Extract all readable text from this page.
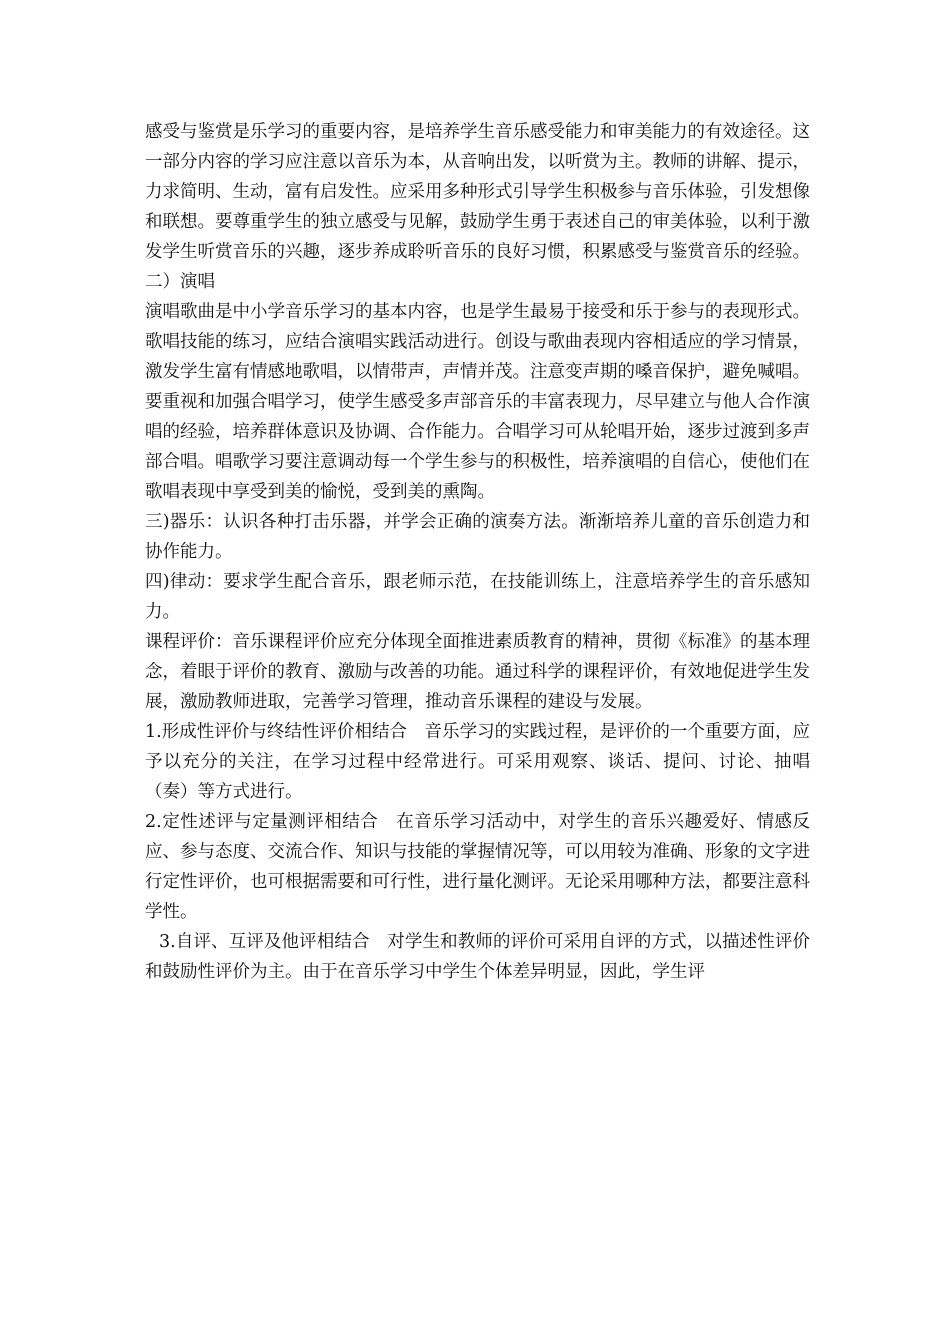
感受与鉴赏是乐学习的重要内容，是培养学生音乐感受能力和审美能力的有效途径。这一部分内容的学习应注意以音乐为本，从音响出发，以听赏为主。教师的讲解、提示，力求简明、生动，富有启发性。应采用多种形式引导学生积极参与音乐体验，引发想像和联想。要尊重学生的独立感受与见解，鼓励学生勇于表述自己的审美体验，以利于激发学生听赏音乐的兴趣，逐步养成聆听音乐的良好习惯，积累感受与鉴赏音乐的经验。

二）演唱

演唱歌曲是中小学音乐学习的基本内容，也是学生最易于接受和乐于参与的表现形式。歌唱技能的练习，应结合演唱实践活动进行。创设与歌曲表现内容相适应的学习情景，激发学生富有情感地歌唱，以情带声，声情并茂。注意变声期的嗓音保护，避免喊唱。要重视和加强合唱学习，使学生感受多声部音乐的丰富表现力，尽早建立与他人合作演唱的经验，培养群体意识及协调、合作能力。合唱学习可从轮唱开始，逐步过渡到多声部合唱。唱歌学习要注意调动每一个学生参与的积极性，培养演唱的自信心，使他们在歌唱表现中享受到美的愉悦，受到美的熏陶。

三)器乐：认识各种打击乐器，并学会正确的演奏方法。渐渐培养儿童的音乐创造力和协作能力。

四)律动：要求学生配合音乐，跟老师示范，在技能训练上，注意培养学生的音乐感知力。

课程评价：音乐课程评价应充分体现全面推进素质教育的精神，贯彻《标准》的基本理念，着眼于评价的教育、激励与改善的功能。通过科学的课程评价，有效地促进学生发展，激励教师进取，完善学习管理，推动音乐课程的建设与发展。

1.形成性评价与终结性评价相结合　音乐学习的实践过程，是评价的一个重要方面，应予以充分的关注，在学习过程中经常进行。可采用观察、谈话、提问、讨论、抽唱（奏）等方式进行。

2.定性述评与定量测评相结合　在音乐学习活动中，对学生的音乐兴趣爱好、情感反应、参与态度、交流合作、知识与技能的掌握情况等，可以用较为准确、形象的文字进行定性评价，也可根据需要和可行性，进行量化测评。无论采用哪种方法，都要注意科学性。

3.自评、互评及他评相结合　对学生和教师的评价可采用自评的方式，以描述性评价和鼓励性评价为主。由于在音乐学习中学生个体差异明显，因此，学生评
